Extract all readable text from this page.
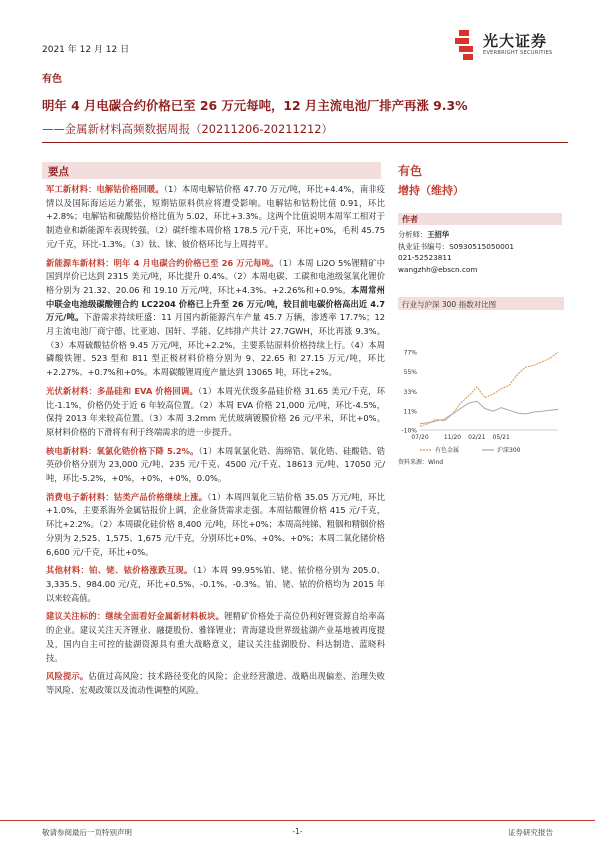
2021 年 12 月 12 日	光大证券
EVERBRIGHT SECURITIES
有色
明年 4 月电碳合约价格已至 26 万元每吨，12 月主流电池厂排产再涨 9.3%
——金属新材料高频数据周报（20211206-20211212）
要点

军工新材料：电解钴价格回暖。（1）本周电解钴价格 47.70 万元/吨，环比+4.4%，南非疫情以及国际海运运力紧张，短期钴原料供应将遭受影响。电解钴和钴粉比值 0.91，环比+2.8%；电解钴和硫酸钴价格比值为 5.02，环比+3.3%。这两个比值说明本周军工相对于制造业和新能源车表现转强。（2）碳纤维本周价格 178.5 元/千克，环比+0%，毛利 45.75 元/千克，环比-1.3%。（3）钛、铼、铍价格环比与上周持平。

新能源车新材料：明年 4 月电碳合约价格已至 26 万元每吨。（1）本周 Li2O 5%锂精矿中国到岸价已达到 2315 美元/吨，环比提升 0.4%。（2）本周电碳、工碳和电池级氢氧化锂价格分别为 21.32、20.06 和 19.10 万元/吨，环比+4.3%、+2.26%和+0.9%。本周常州中联金电池级碳酸锂合约 LC2204 价格已上升至 26 万元/吨，较目前电碳价格高出近 4.7 万元/吨。下游需求持续旺盛：11 月国内新能源汽车产量 45.7 万辆，渗透率 17.7%；12 月主流电池厂商宁德、比亚迪、国轩、孚能、亿纬排产共计 27.7GWH，环比再涨 9.3%。（3）本周硫酸钴价格 9.45 万元/吨，环比+2.2%，主要系钴原料价格持续上行。（4）本周磷酸铁锂、523 型和 811 型正极材料价格分别为 9、22.65 和 27.15 万元/吨，环比+2.27%、+0.7%和+0%。本周碳酸锂周度产量达到 13065 吨，环比+2%。

光伏新材料：多晶硅和 EVA 价格回调。（1）本周光伏级多晶硅价格 31.65 美元/千克，环比-1.1%，价格仍处于近 6 年较高位置。（2）本周 EVA 价格 21,000 元/吨，环比-4.5%，保持 2013 年来较高位置。（3）本周 3.2mm 光伏玻璃镀膜价格 26 元/平米，环比+0%。原材料价格的下滑将有利于终端需求的进一步提升。

核电新材料：氧氯化锆价格下降 5.2%。（1）本周氧氯化锆、海绵锆、氧化锆、硅酸锆、锆英砂价格分别为 23,000 元/吨、235 元/千克、4500 元/千克、18613 元/吨、17050 元/吨，环比-5.2%，+0%，+0%，+0%，0.0%。

消费电子新材料：钴类产品价格继续上涨。（1）本周四氧化三钴价格 35.05 万元/吨，环比+1.0%，主要系海外金属钴报价上调，企业备货需求走强。本周钴酸锂价格 415 元/千克，环比+2.2%。（2）本周碳化硅价格 8,400 元/吨，环比+0%；本周高纯锑、粗铟和精铟价格分别为 2,525、1,575、1,675 元/千克，分别环比+0%、+0%、+0%；本周二氧化锗价格 6,600 元/千克，环比+0%。

其他材料：铂、铑、铱价格涨跌互现。（1）本周 99.95%铂、铑、铱价格分别为 205.0、3,335.5、984.00 元/克，环比+0.5%、-0.1%、-0.3%。铂、铑、铱的价格均为 2015 年以来较高值。

建议关注标的：继续全面看好金属新材料板块。锂精矿价格处于高位仍利好锂资源自给率高的企业。建议关注天齐锂业、融捷股份、雅锋锂业；青海建设世界级盐湖产业基地被再度提及，国内自主可控的盐湖资源具有重大战略意义，建议关注盐湖股份、科达制造、蓝晓科技。

风险提示。估值过高风险；技术路径变化的风险；企业经营激进、战略出现偏差、治理失败等风险、宏观政策以及流动性调整的风险。

有色
增持（维持）
作者
分析师：王招华
执业证书编号：S0930515050001
021-52523811
wangzhh@ebscn.com
行业与沪深 300 指数对比图
77%
55%
33%
11%
-10%
07/20	11/20 02/21 05/21
有色金属	沪深300
资料来源：Wind
敬请参阅最后一页特别声明	-1-	证券研究报告
